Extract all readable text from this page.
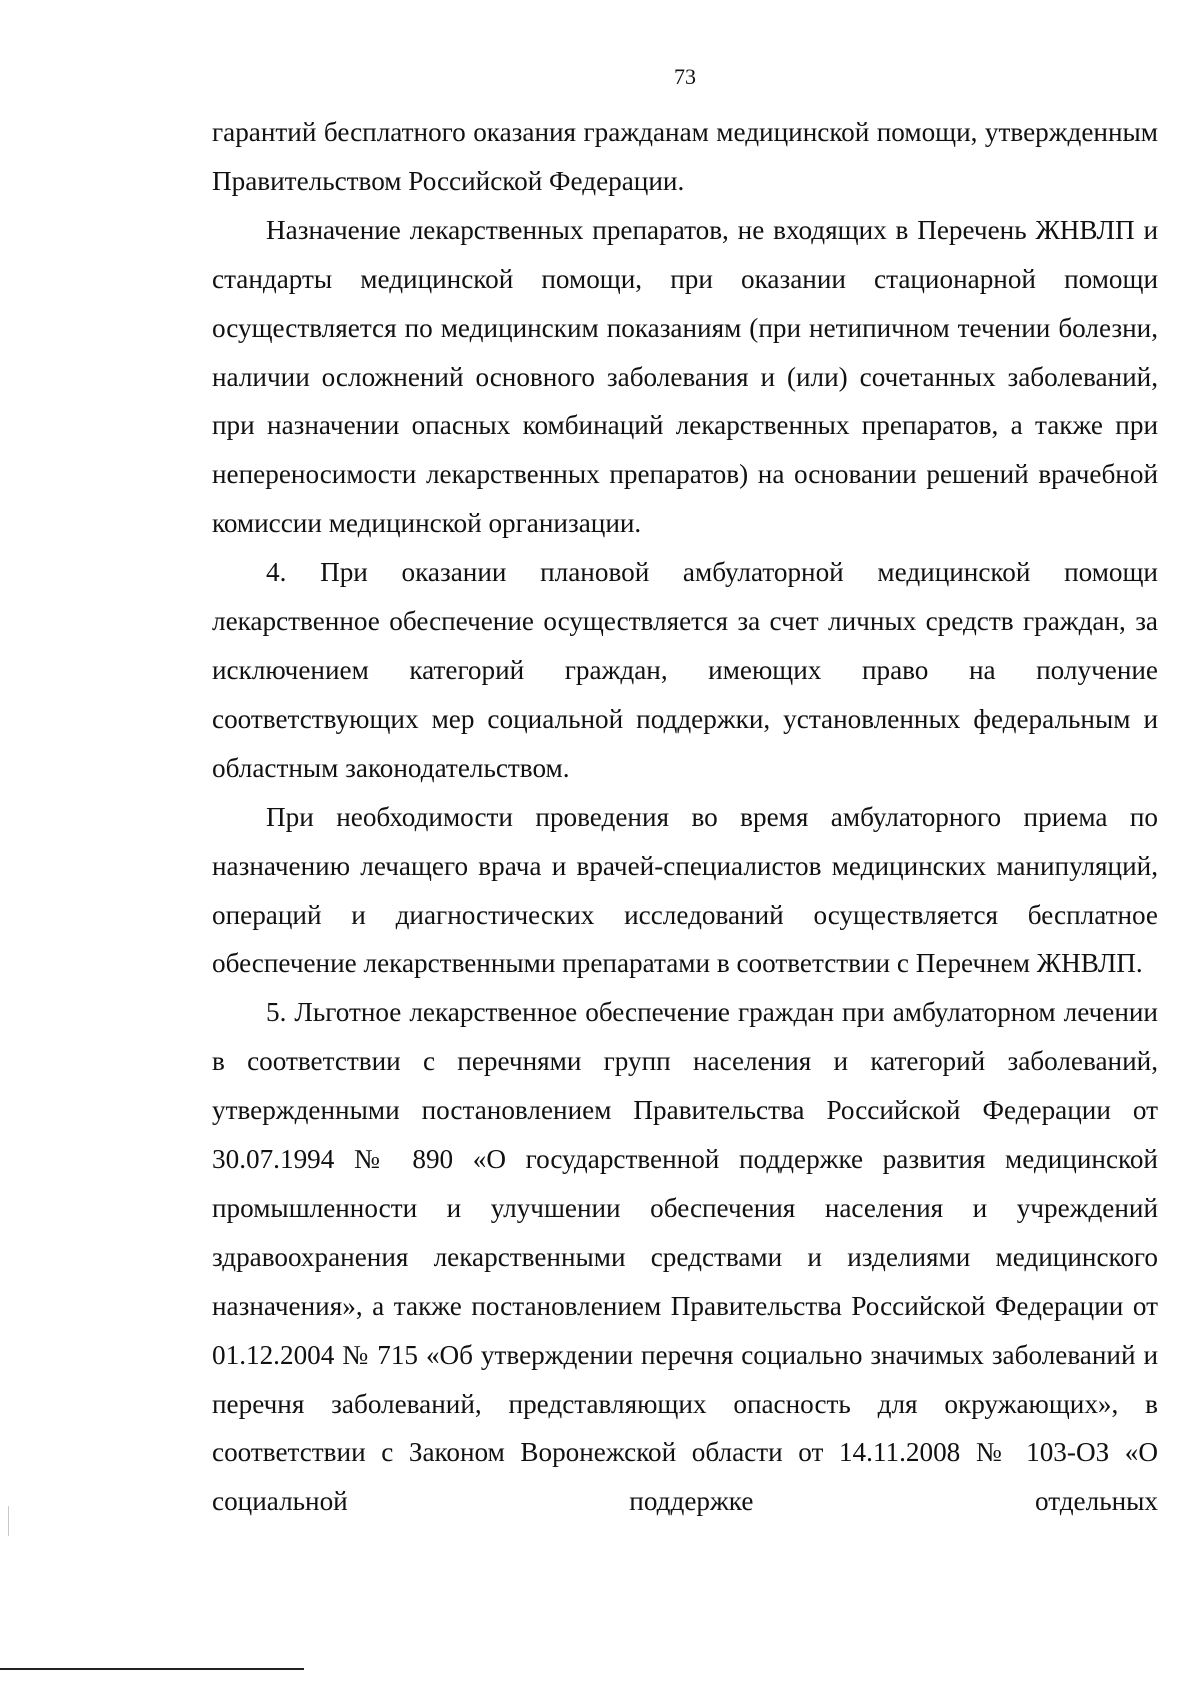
73

гарантий бесплатного оказания гражданам медицинской помощи, утвержденным Правительством Российской Федерации.

Назначение лекарственных препаратов, не входящих в Перечень ЖНВЛП и стандарты медицинской помощи, при оказании стационарной помощи осуществляется по медицинским показаниям (при нетипичном течении болезни, наличии осложнений основного заболевания и (или) сочетанных заболеваний, при назначении опасных комбинаций лекарственных препаратов, а также при непереносимости лекарственных препаратов) на основании решений врачебной комиссии медицинской организации.

4. При оказании плановой амбулаторной медицинской помощи лекарственное обеспечение осуществляется за счет личных средств граждан, за исключением категорий граждан, имеющих право на получение соответствующих мер социальной поддержки, установленных федеральным и областным законодательством.

При необходимости проведения во время амбулаторного приема по назначению лечащего врача и врачей-специалистов медицинских манипуляций, операций и диагностических исследований осуществляется бесплатное обеспечение лекарственными препаратами в соответствии с Перечнем ЖНВЛП.

5. Льготное лекарственное обеспечение граждан при амбулаторном лечении в соответствии с перечнями групп населения и категорий заболеваний, утвержденными постановлением Правительства Российской Федерации от 30.07.1994 № 890 «О государственной поддержке развития медицинской промышленности и улучшении обеспечения населения и учреждений здравоохранения лекарственными средствами и изделиями медицинского назначения», а также постановлением Правительства Российской Федерации от 01.12.2004 № 715 «Об утверждении перечня социально значимых заболеваний и перечня заболеваний, представляющих опасность для окружающих», в соответствии с Законом Воронежской области от 14.11.2008 № 103-ОЗ «О социальной поддержке отдельных
